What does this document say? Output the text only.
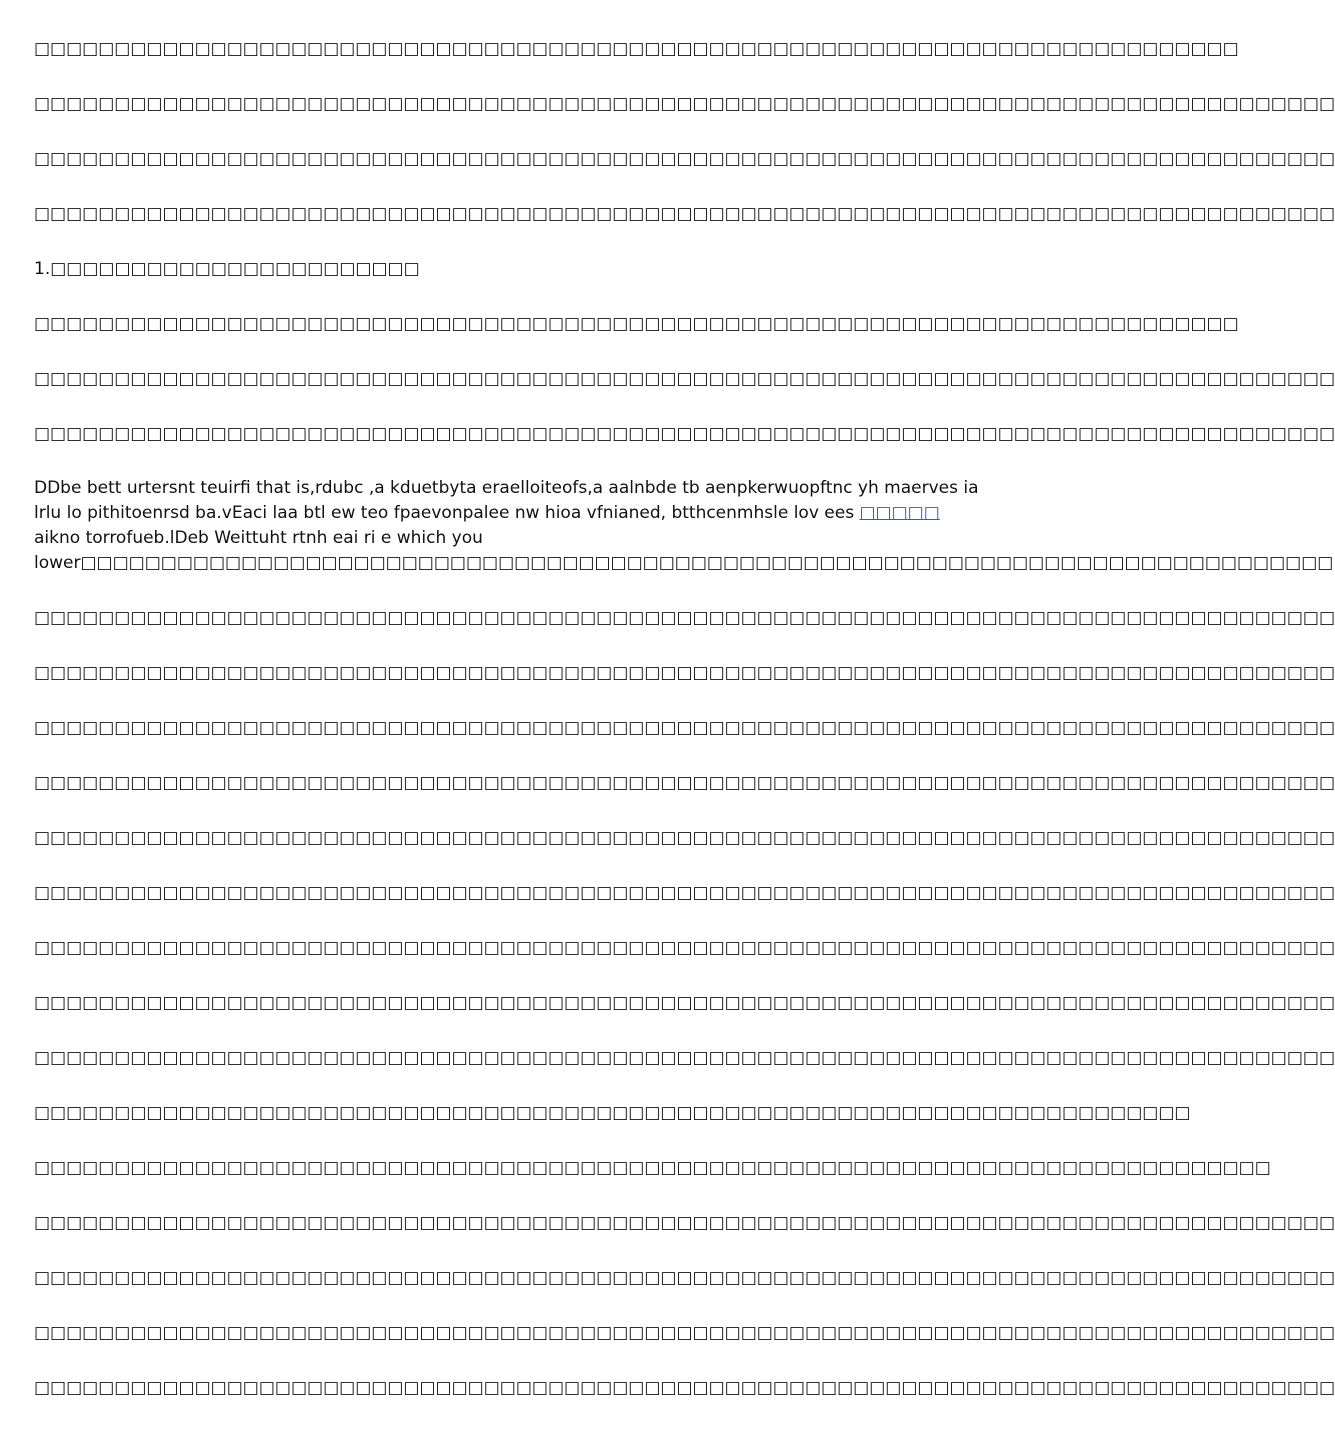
□□□□□□□□□□□□□□□□□□□□□□□□□□□□□□□□□□□□□□□□□□□□□□□□□□□□□□□□□□□□□□□□□□□□□□□□□□□
□□□□□□□□□□□□□□□□□□□□□□□□□□□□□□□□□□□□□□□□□□□□□□□□□□□□□□□□□□□□□□□□□□□□□□□□□□□□□□□□□
□□□□□□□□□□□□□□□□□□□□□□□□□□□□□□□□□□□□□□□□□□□□□□□□□□□□□□□□□□□□□□□□□□□□□□□□□□□□□□□□□
□□□□□□□□□□□□□□□□□□□□□□□□□□□□□□□□□□□□□□□□□□□□□□□□□□□□□□□□□□□□□□□□□□□□□□□□□□□□□□□□□
1.□□□□□□□□□□□□□□□□□□□□□□□
□□□□□□□□□□□□□□□□□□□□□□□□□□□□□□□□□□□□□□□□□□□□□□□□□□□□□□□□□□□□□□□□□□□□□□□□□□□
□□□□□□□□□□□□□□□□□□□□□□□□□□□□□□□□□□□□□□□□□□□□□□□□□□□□□□□□□□□□□□□□□□□□□□□□□□□□□□□□□
□□□□□□□□□□□□□□□□□□□□□□□□□□□□□□□□□□□□□□□□□□□□□□□□□□□□□□□□□□□□□□□□□□□□□□□□□□□□□□□□□
DDbe bett urtersnt teuirfi that is,rdubc ,a kduetbyta eraelloiteofs,a aalnbde tb aenpkerwuopftnc yh maerves ia lrlu lo pithitoenrsd ba.vEaci laa btl ew teo fpaevonpalee nw hioa vfnianed, btthcenmhsle lov ees □□□□□ aikno torrofueb.lDeb Weittuht rtnh eai ri e which you
lower□□□□□□□□□□□□□□□□□□□□□□□□□□□□□□□□□□□□□□□□□□□□□□□□□□□□□□□□□□□□□□□□□□□□□□□□□□□□□□
□□□□□□□□□□□□□□□□□□□□□□□□□□□□□□□□□□□□□□□□□□□□□□□□□□□□□□□□□□□□□□□□□□□□□□□□□□□□□□□□□
□□□□□□□□□□□□□□□□□□□□□□□□□□□□□□□□□□□□□□□□□□□□□□□□□□□□□□□□□□□□□□□□□□□□□□□□□□□□□□□□□
□□□□□□□□□□□□□□□□□□□□□□□□□□□□□□□□□□□□□□□□□□□□□□□□□□□□□□□□□□□□□□□□□□□□□□□□□□□□□□□□□
□□□□□□□□□□□□□□□□□□□□□□□□□□□□□□□□□□□□□□□□□□□□□□□□□□□□□□□□□□□□□□□□□□□□□□□□□□□□□□□□□
□□□□□□□□□□□□□□□□□□□□□□□□□□□□□□□□□□□□□□□□□□□□□□□□□□□□□□□□□□□□□□□□□□□□□□□□□□□□□□□□□
□□□□□□□□□□□□□□□□□□□□□□□□□□□□□□□□□□□□□□□□□□□□□□□□□□□□□□□□□□□□□□□□□□□□□□□□□□□□□□□□□
□□□□□□□□□□□□□□□□□□□□□□□□□□□□□□□□□□□□□□□□□□□□□□□□□□□□□□□□□□□□□□□□□□□□□□□□□□□□□□□□□
□□□□□□□□□□□□□□□□□□□□□□□□□□□□□□□□□□□□□□□□□□□□□□□□□□□□□□□□□□□□□□□□□□□□□□□□□□□□□□□□□
□□□□□□□□□□□□□□□□□□□□□□□□□□□□□□□□□□□□□□□□□□□□□□□□□□□□□□□□□□□□□□□□□□□□□□□□□□□□□□□□□
□□□□□□□□□□□□□□□□□□□□□□□□□□□□□□□□□□□□□□□□□□□□□□□□□□□□□□□□□□□□□□□□□□□□□□□□
□□□□□□□□□□□□□□□□□□□□□□□□□□□□□□□□□□□□□□□□□□□□□□□□□□□□□□□□□□□□□□□□□□□□□□□□□□□□□
□□□□□□□□□□□□□□□□□□□□□□□□□□□□□□□□□□□□□□□□□□□□□□□□□□□□□□□□□□□□□□□□□□□□□□□□□□□□□□□□□
□□□□□□□□□□□□□□□□□□□□□□□□□□□□□□□□□□□□□□□□□□□□□□□□□□□□□□□□□□□□□□□□□□□□□□□□□□□□□□□□□
□□□□□□□□□□□□□□□□□□□□□□□□□□□□□□□□□□□□□□□□□□□□□□□□□□□□□□□□□□□□□□□□□□□□□□□□□□□□□□□□□
□□□□□□□□□□□□□□□□□□□□□□□□□□□□□□□□□□□□□□□□□□□□□□□□□□□□□□□□□□□□□□□□□□□□□□□□□□□□□□□□□
